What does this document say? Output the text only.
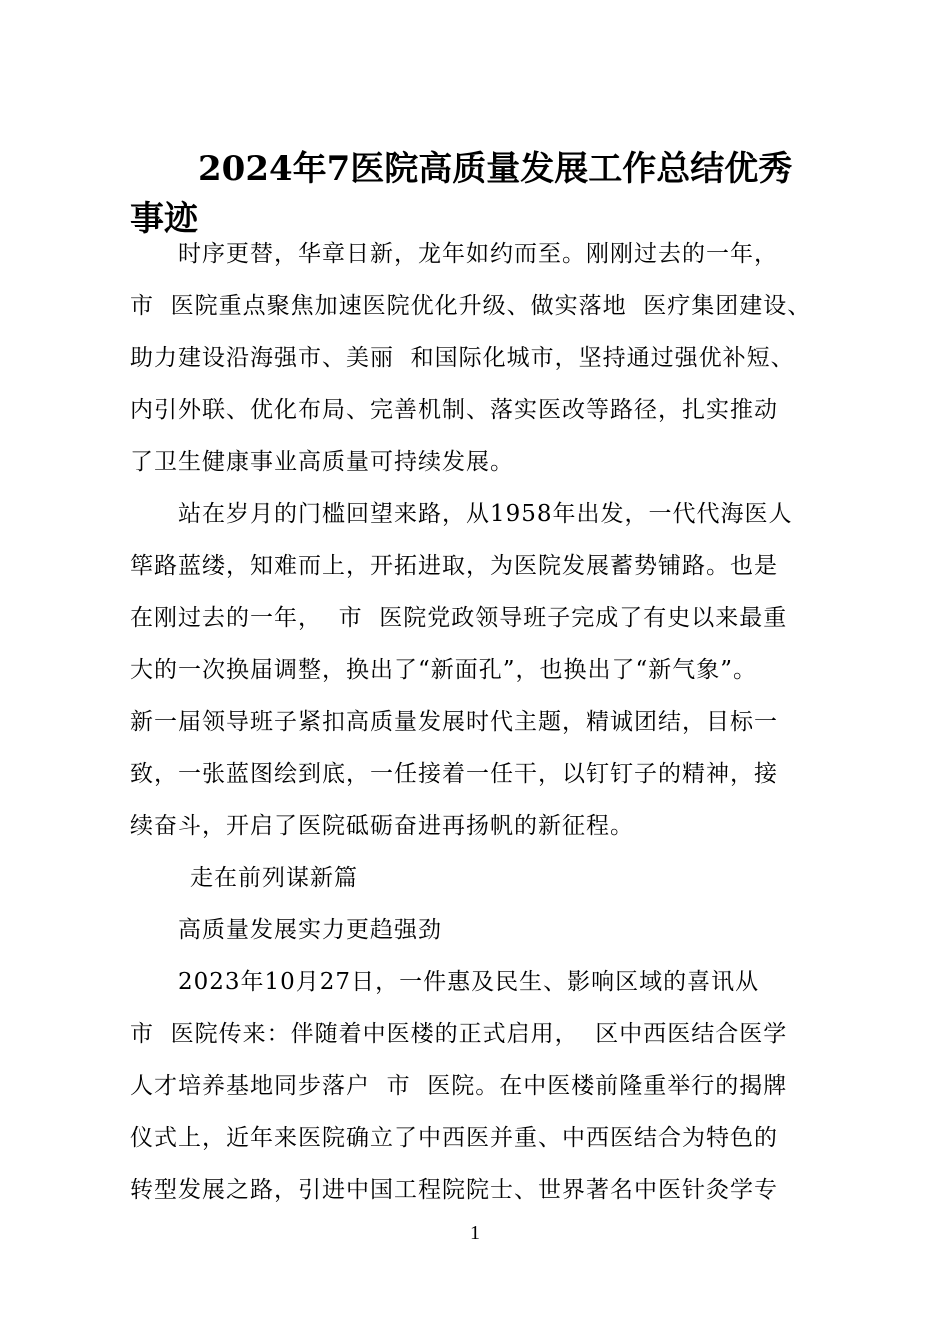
2024年7医院高质量发展工作总结优秀
事迹
时序更替，华章日新，龙年如约而至。刚刚过去的一年，
市  医院重点聚焦加速医院优化升级、做实落地  医疗集团建设、
助力建设沿海强市、美丽  和国际化城市，坚持通过强优补短、
内引外联、优化布局、完善机制、落实医改等路径，扎实推动
了卫生健康事业高质量可持续发展。
站在岁月的门槛回望来路，从1958年出发，一代代海医人
筚路蓝缕，知难而上，开拓进取，为医院发展蓄势铺路。也是
在刚过去的一年，  市  医院党政领导班子完成了有史以来最重
大的一次换届调整，换出了“新面孔”，也换出了“新气象”。
新一届领导班子紧扣高质量发展时代主题，精诚团结，目标一
致，一张蓝图绘到底，一任接着一任干，以钉钉子的精神，接
续奋斗，开启了医院砥砺奋进再扬帆的新征程。
走在前列谋新篇
高质量发展实力更趋强劲
2023年10月27日，一件惠及民生、影响区域的喜讯从
市  医院传来：伴随着中医楼的正式启用，  区中西医结合医学
人才培养基地同步落户  市  医院。在中医楼前隆重举行的揭牌
仪式上，近年来医院确立了中西医并重、中西医结合为特色的
转型发展之路，引进中国工程院院士、世界著名中医针灸学专
1
